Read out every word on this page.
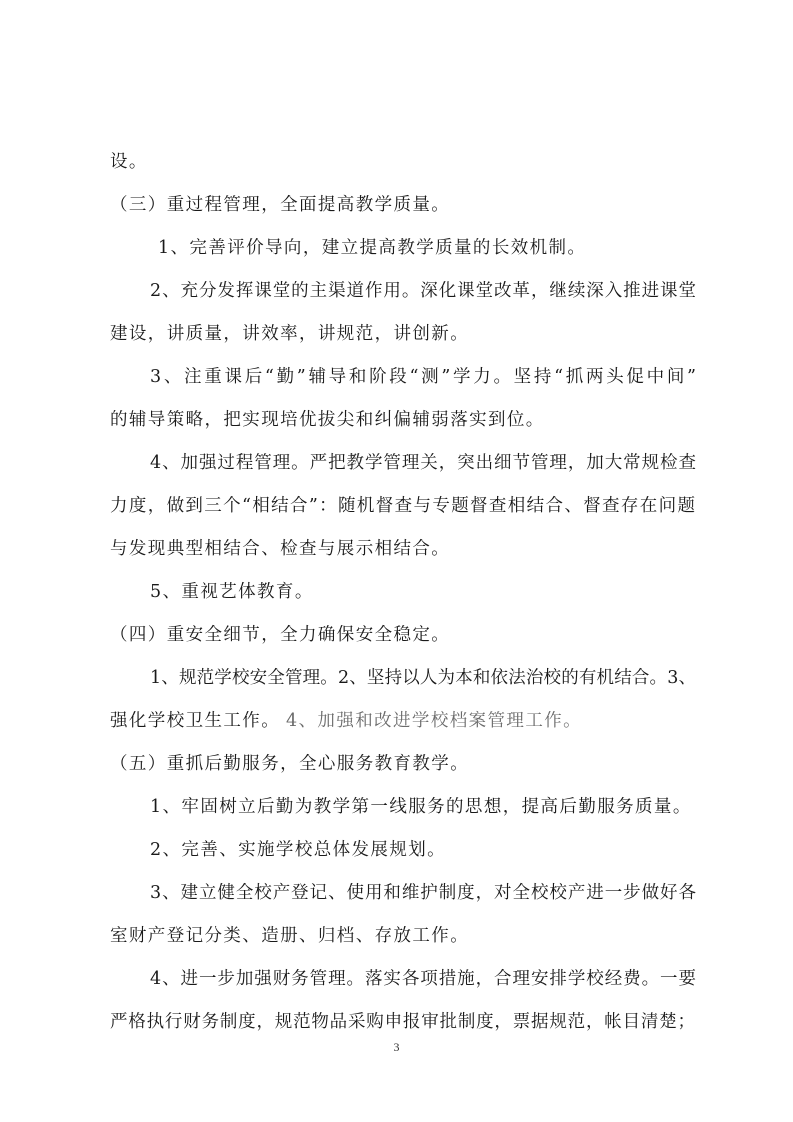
设。
（三）重过程管理，全面提高教学质量。
1、完善评价导向，建立提高教学质量的长效机制。
2、充分发挥课堂的主渠道作用。深化课堂改革，继续深入推进课堂
建设，讲质量，讲效率，讲规范，讲创新。
3、注重课后“勤”辅导和阶段“测”学力。坚持“抓两头促中间”
的辅导策略，把实现培优拔尖和纠偏辅弱落实到位。
4、加强过程管理。严把教学管理关，突出细节管理，加大常规检查
力度，做到三个“相结合”：随机督查与专题督查相结合、督查存在问题
与发现典型相结合、检查与展示相结合。
5、重视艺体教育。
（四）重安全细节，全力确保安全稳定。
1、规范学校安全管理。2、坚持以人为本和依法治校的有机结合。3、
强化学校卫生工作。 4、加强和改进学校档案管理工作。
（五）重抓后勤服务，全心服务教育教学。
1、牢固树立后勤为教学第一线服务的思想，提高后勤服务质量。
2、完善、实施学校总体发展规划。
3、建立健全校产登记、使用和维护制度，对全校校产进一步做好各
室财产登记分类、造册、归档、存放工作。
4、进一步加强财务管理。落实各项措施，合理安排学校经费。一要
严格执行财务制度，规范物品采购申报审批制度，票据规范，帐目清楚；
3
